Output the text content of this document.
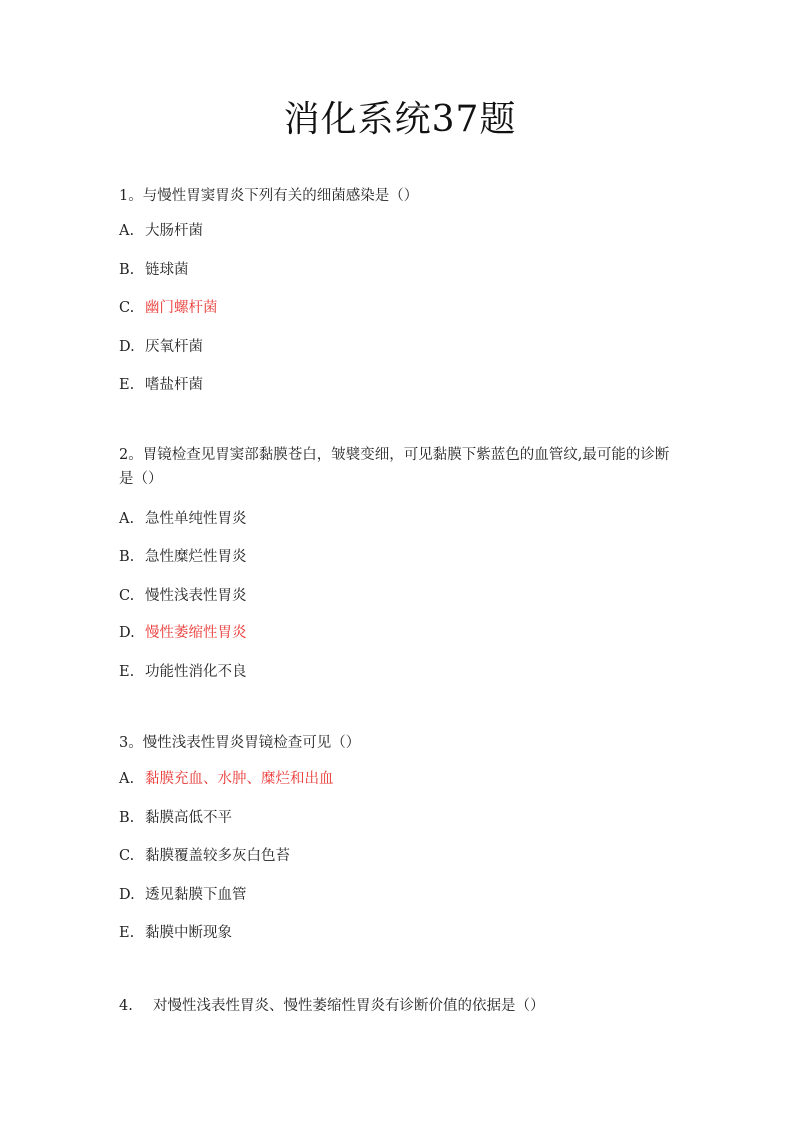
消化系统37题
1。与慢性胃窦胃炎下列有关的细菌感染是（）
A. 大肠杆菌
B. 链球菌
C. 幽门螺杆菌
D. 厌氧杆菌
E. 嗜盐杆菌
2。胃镜检查见胃窦部黏膜苍白，皱襞变细，可见黏膜下紫蓝色的血管纹,最可能的诊断
是（）
A. 急性单纯性胃炎
B. 急性糜烂性胃炎
C. 慢性浅表性胃炎
D. 慢性萎缩性胃炎
E. 功能性消化不良
3。慢性浅表性胃炎胃镜检查可见（）
A. 黏膜充血、水肿、糜烂和出血
B. 黏膜高低不平
C. 黏膜覆盖较多灰白色苔
D. 透见黏膜下血管
E. 黏膜中断现象
4. 对慢性浅表性胃炎、慢性萎缩性胃炎有诊断价值的依据是（）
